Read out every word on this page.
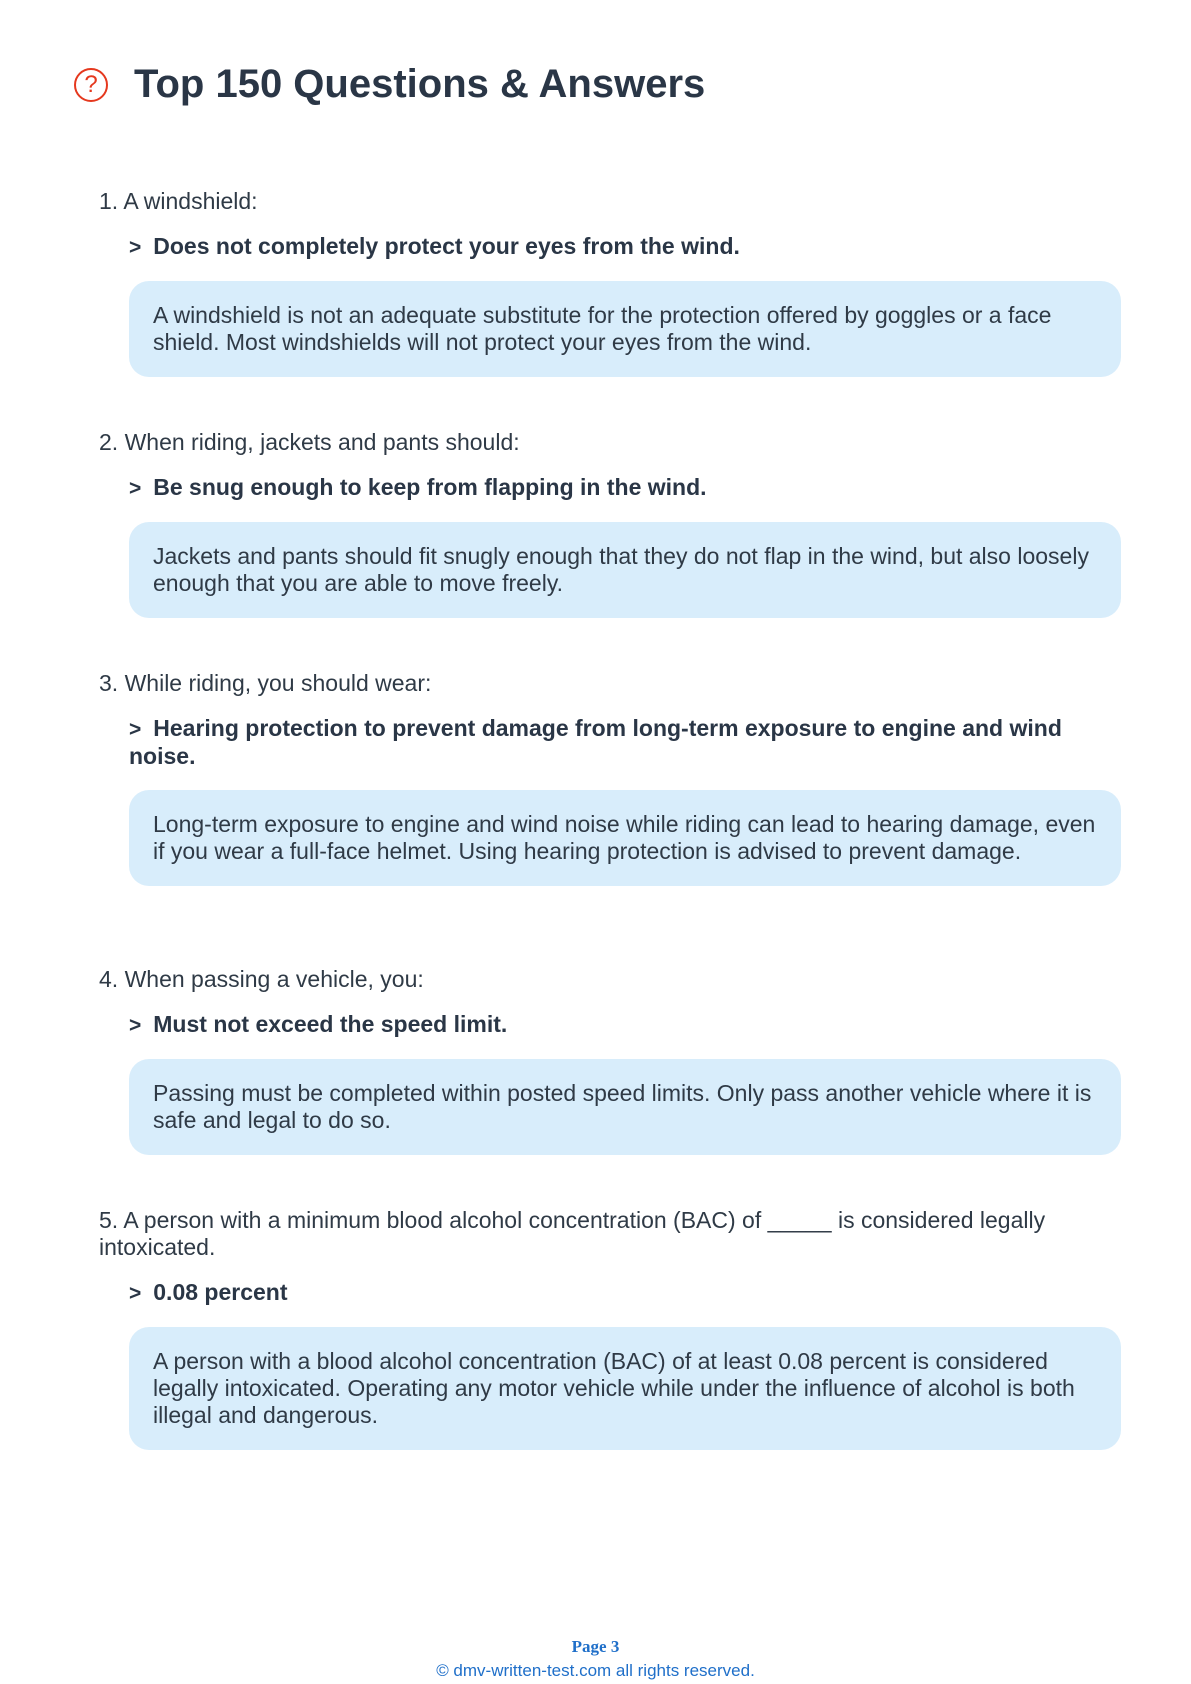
? Top 150 Questions & Answers
1. A windshield:
> Does not completely protect your eyes from the wind.
A windshield is not an adequate substitute for the protection offered by goggles or a face shield. Most windshields will not protect your eyes from the wind.
2. When riding, jackets and pants should:
> Be snug enough to keep from flapping in the wind.
Jackets and pants should fit snugly enough that they do not flap in the wind, but also loosely enough that you are able to move freely.
3. While riding, you should wear:
> Hearing protection to prevent damage from long-term exposure to engine and wind noise.
Long-term exposure to engine and wind noise while riding can lead to hearing damage, even if you wear a full-face helmet. Using hearing protection is advised to prevent damage.
4. When passing a vehicle, you:
> Must not exceed the speed limit.
Passing must be completed within posted speed limits. Only pass another vehicle where it is safe and legal to do so.
5. A person with a minimum blood alcohol concentration (BAC) of _____ is considered legally intoxicated.
> 0.08 percent
A person with a blood alcohol concentration (BAC) of at least 0.08 percent is considered legally intoxicated. Operating any motor vehicle while under the influence of alcohol is both illegal and dangerous.
Page 3
© dmv-written-test.com all rights reserved.
